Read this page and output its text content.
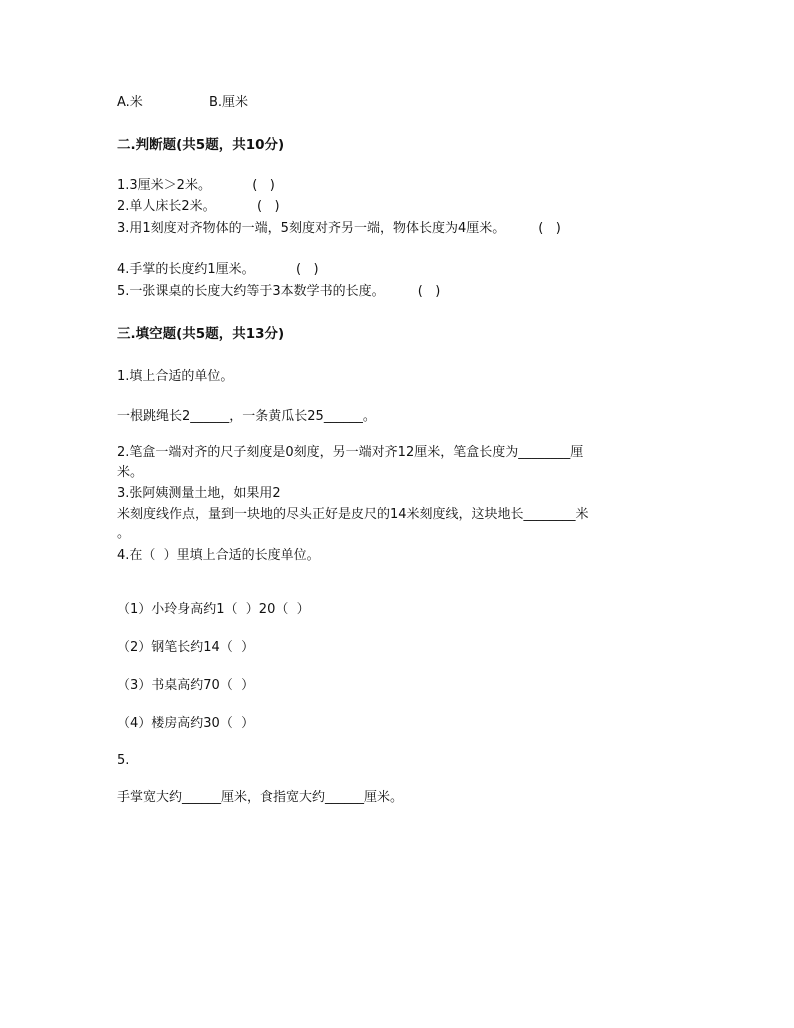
A.米	B.厘米
二.判断题(共5题，共10分)
1.3厘米＞2米。          (   )
2.单人床长2米。          (   )
3.用1刻度对齐物体的一端，5刻度对齐另一端，物体长度为4厘米。        (   )
4.手掌的长度约1厘米。          (   )
5.一张课桌的长度大约等于3本数学书的长度。        (   )
三.填空题(共5题，共13分)
1.填上合适的单位。
一根跳绳长2______，一条黄瓜长25______。
2.笔盒一端对齐的尺子刻度是0刻度，另一端对齐12厘米，笔盒长度为________厘
米。
3.张阿姨测量土地，如果用2
米刻度线作点，量到一块地的尽头正好是皮尺的14米刻度线，这块地长________米
。
4.在（  ）里填上合适的长度单位。
（1）小玲身高约1（  ）20（  ）
（2）钢笔长约14（  ）
（3）书桌高约70（  ）
（4）楼房高约30（  ）
5.
手掌宽大约______厘米，食指宽大约______厘米。
